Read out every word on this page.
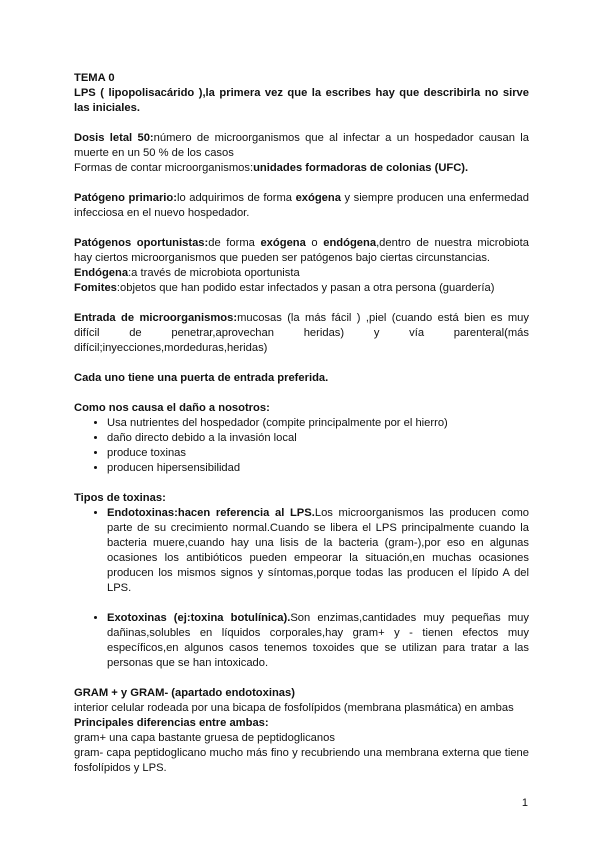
TEMA 0

LPS ( lipopolisacárido ),la primera vez que la escribes hay que describirla no sirve las iniciales.

Dosis letal 50:número de microorganismos que al infectar a un hospedador causan la muerte en un 50 % de los casos

Formas de contar microorganismos:unidades formadoras de colonias (UFC).

Patógeno primario:lo adquirimos de forma exógena y siempre producen una enfermedad infecciosa en el nuevo hospedador.

Patógenos oportunistas:de forma exógena o endógena,dentro de nuestra microbiota hay ciertos microorganismos que pueden ser patógenos bajo ciertas circunstancias.

Endógena:a través de microbiota oportunista

Fomites:objetos que han podido estar infectados y pasan a otra persona (guardería)

Entrada de microorganismos:mucosas (la más fácil ) ,piel (cuando está bien es muy difícil de penetrar,aprovechan heridas) y vía parenteral(más difícil;inyecciones,mordeduras,heridas)

Cada uno tiene una puerta de entrada preferida.

Como nos causa el daño a nosotros:

• Usa nutrientes del hospedador (compite principalmente por el hierro)
• daño directo debido a la invasión local
• produce toxinas
• producen hipersensibilidad

Tipos de toxinas:

• Endotoxinas:hacen referencia al LPS.Los microorganismos las producen como parte de su crecimiento normal.Cuando se libera el LPS principalmente cuando la bacteria muere,cuando hay una lisis de la bacteria (gram-),por eso en algunas ocasiones los antibióticos pueden empeorar la situación,en muchas ocasiones producen los mismos signos y síntomas,porque todas las producen el lípido A del LPS.
• Exotoxinas (ej:toxina botulínica).Son enzimas,cantidades muy pequeñas muy dañinas,solubles en líquidos corporales,hay gram+ y - tienen efectos muy específicos,en algunos casos tenemos toxoides que se utilizan para tratar a las personas que se han intoxicado.

GRAM + y GRAM- (apartado endotoxinas)

interior celular rodeada por una bicapa de fosfolípidos (membrana plasmática) en ambas

Principales diferencias entre ambas:

gram+ una capa bastante gruesa de peptidoglicanos

gram- capa peptidoglicano mucho más fino y recubriendo una membrana externa que tiene fosfolípidos y LPS.

1
